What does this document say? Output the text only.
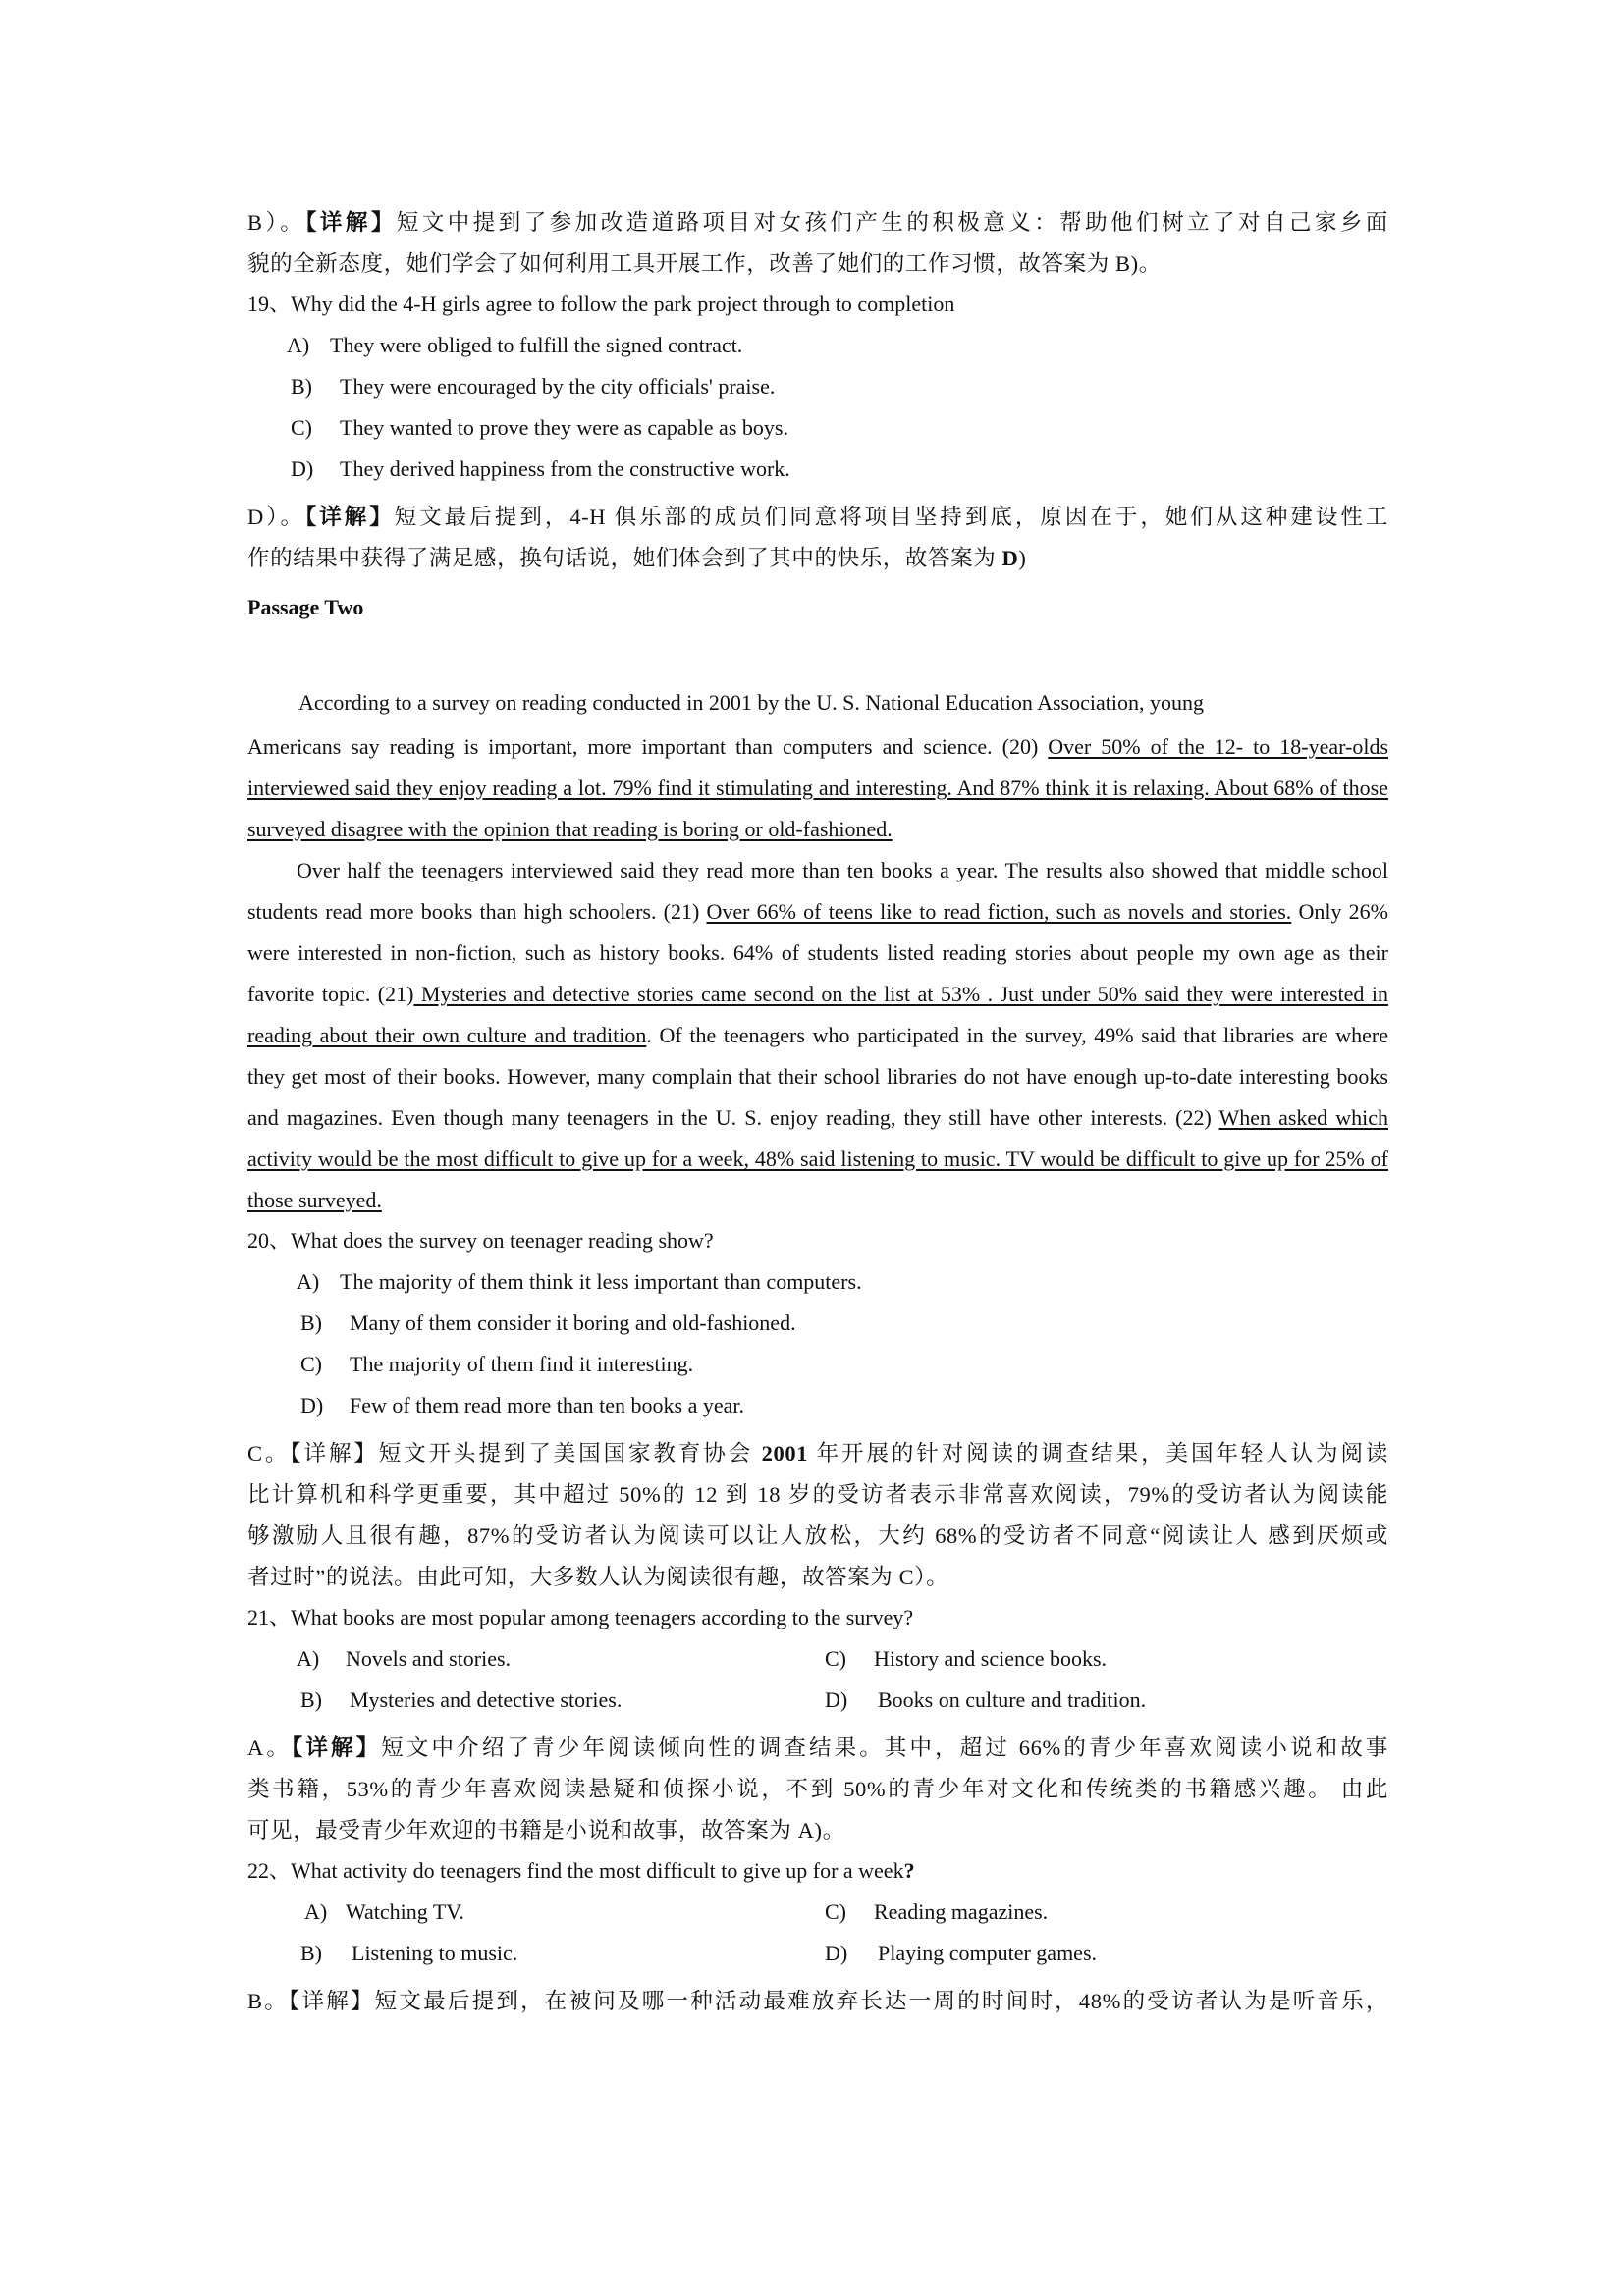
B）。【详解】短文中提到了参加改造道路项目对女孩们产生的积极意义：帮助他们树立了对自己家乡面

貌的全新态度，她们学会了如何利用工具开展工作，改善了她们的工作习惯，故答案为 B)。

19、Why did the 4-H girls agree to follow the park project through to completion

A) They were obliged to fulfill the signed contract.
B)	They were encouraged by the city officials' praise.
C)	They wanted to prove they were as capable as boys.
D)	They derived happiness from the constructive work.

D）。【详解】短文最后提到，4-H 俱乐部的成员们同意将项目坚持到底，原因在于，她们从这种建设性工

作的结果中获得了满足感，换句话说，她们体会到了其中的快乐，故答案为 D)

Passage Two

According to a survey on reading conducted in 2001 by the U. S. National Education Association, young

Americans say reading is important, more important than computers and science. (20) Over 50% of the 12- to 18-year-olds interviewed said they enjoy reading a lot. 79% find it stimulating and interesting. And 87% think it is relaxing. About 68% of those surveyed disagree with the opinion that reading is boring or old-fashioned.

Over half the teenagers interviewed said they read more than ten books a year. The results also showed that middle school students read more books than high schoolers. (21) Over 66% of teens like to read fiction, such as novels and stories. Only 26% were interested in non-fiction, such as history books. 64% of students listed reading stories about people my own age as their favorite topic. (21) Mysteries and detective stories came second on the list at 53% . Just under 50% said they were interested in reading about their own culture and tradition. Of the teenagers who participated in the survey, 49% said that libraries are where they get most of their books. However, many complain that their school libraries do not have enough up-to-date interesting books and magazines. Even though many teenagers in the U. S. enjoy reading, they still have other interests. (22) When asked which activity would be the most difficult to give up for a week, 48% said listening to music. TV would be difficult to give up for 25% of those surveyed.

20、What does the survey on teenager reading show?

A) The majority of them think it less important than computers.
B)	Many of them consider it boring and old-fashioned.
C)	The majority of them find it interesting.
D)	Few of them read more than ten books a year.

C。【详解】短文开头提到了美国国家教育协会 2001 年开展的针对阅读的调查结果，美国年轻人认为阅读

比计算机和科学更重要，其中超过 50%的 12 到 18 岁的受访者表示非常喜欢阅读，79%的受访者认为阅读能

够激励人且很有趣，87%的受访者认为阅读可以让人放松，大约 68%的受访者不同意“阅读让人 感到厌烦或

者过时”的说法。由此可知，大多数人认为阅读很有趣，故答案为 C）。

21、What books are most popular among teenagers according to the survey?

A)	Novels and stories.	C)	History and science books.
B)	Mysteries and detective stories.	D)	Books on culture and tradition.

A。【详解】短文中介绍了青少年阅读倾向性的调查结果。其中，超过 66%的青少年喜欢阅读小说和故事

类书籍，53%的青少年喜欢阅读悬疑和侦探小说，不到 50%的青少年对文化和传统类的书籍感兴趣。 由此

可见，最受青少年欢迎的书籍是小说和故事，故答案为 A)。

22、What activity do teenagers find the most difficult to give up for a week?

A) Watching TV.	C)	Reading magazines.
B)	Listening to music.	D)	Playing computer games.

B。【详解】短文最后提到，在被问及哪一种活动最难放弃长达一周的时间时，48%的受访者认为是听音乐，
